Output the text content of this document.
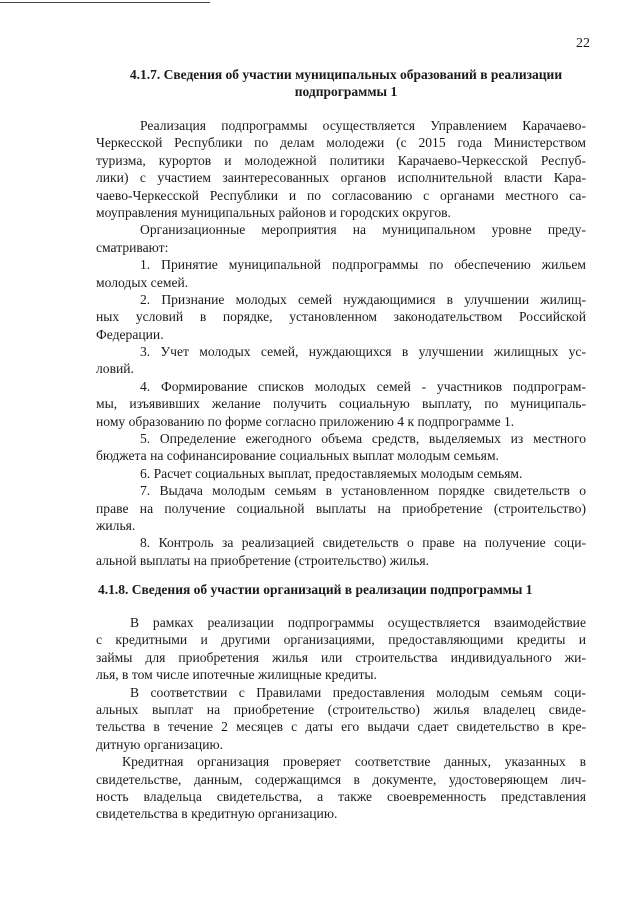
22
4.1.7. Сведения об участии муниципальных образований в реализации
подпрограммы 1
Реализация подпрограммы осуществляется Управлением Карачаево-
Черкесской Республики по делам молодежи (с 2015 года Министерством
туризма, курортов и молодежной политики Карачаево-Черкесской Респуб-
лики) с участием заинтересованных органов исполнительной власти Кара-
чаево-Черкесской Республики и по согласованию с органами местного са-
моуправления муниципальных районов и городских округов.
Организационные мероприятия на муниципальном уровне преду-
сматривают:
1. Принятие муниципальной подпрограммы по обеспечению жильем
молодых семей.
2. Признание молодых семей нуждающимися в улучшении жилищ-
ных условий в порядке, установленном законодательством Российской
Федерации.
3. Учет молодых семей, нуждающихся в улучшении жилищных ус-
ловий.
4. Формирование списков молодых семей - участников подпрограм-
мы, изъявивших желание получить социальную выплату, по муниципаль-
ному образованию по форме согласно приложению 4 к подпрограмме 1.
5. Определение ежегодного объема средств, выделяемых из местного
бюджета на софинансирование социальных выплат молодым семьям.
6. Расчет социальных выплат, предоставляемых молодым семьям.
7. Выдача молодым семьям в установленном порядке свидетельств о
праве на получение социальной выплаты на приобретение (строительство)
жилья.
8. Контроль за реализацией свидетельств о праве на получение соци-
альной выплаты на приобретение (строительство) жилья.
4.1.8. Сведения об участии организаций в реализации подпрограммы 1
В рамках реализации подпрограммы осуществляется взаимодействие
с кредитными и другими организациями, предоставляющими кредиты и
займы для приобретения жилья или строительства индивидуального жи-
лья, в том числе ипотечные жилищные кредиты.
В соответствии с Правилами предоставления молодым семьям соци-
альных выплат на приобретение (строительство) жилья владелец свиде-
тельства в течение 2 месяцев с даты его выдачи сдает свидетельство в кре-
дитную организацию.
Кредитная организация проверяет соответствие данных, указанных в
свидетельстве, данным, содержащимся в документе, удостоверяющем лич-
ность владельца свидетельства, а также своевременность представления
свидетельства в кредитную организацию.
